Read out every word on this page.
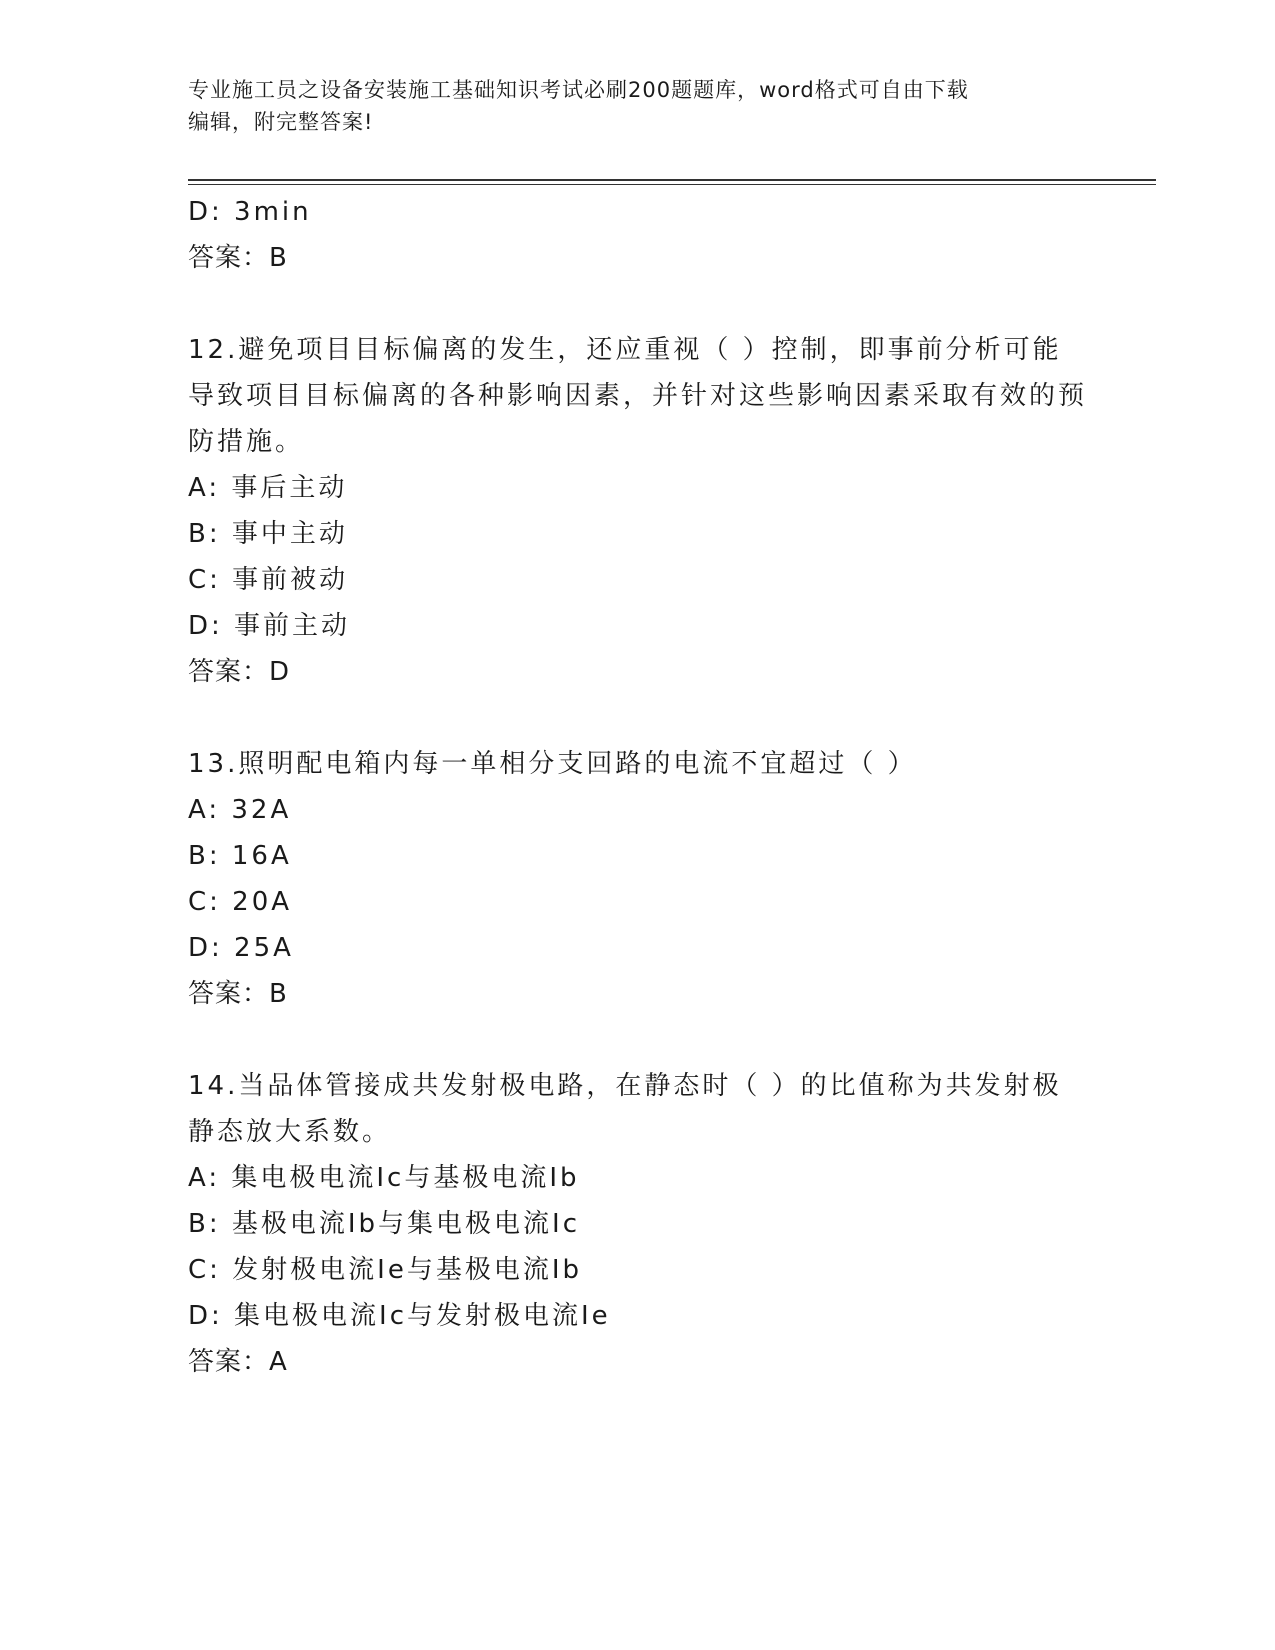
专业施工员之设备安装施工基础知识考试必刷200题题库，word格式可自由下载
编辑，附完整答案!
D: 3min
答案：B
12.避免项目目标偏离的发生，还应重视（ ）控制，即事前分析可能导致项目目标偏离的各种影响因素，并针对这些影响因素采取有效的预防措施。
A: 事后主动
B: 事中主动
C: 事前被动
D: 事前主动
答案：D
13.照明配电箱内每一单相分支回路的电流不宜超过（ ）
A: 32A
B: 16A
C: 20A
D: 25A
答案：B
14.当品体管接成共发射极电路，在静态时（ ）的比值称为共发射极静态放大系数。
A: 集电极电流Ic与基极电流Ib
B: 基极电流Ib与集电极电流Ic
C: 发射极电流Ie与基极电流Ib
D: 集电极电流Ic与发射极电流Ie
答案：A
